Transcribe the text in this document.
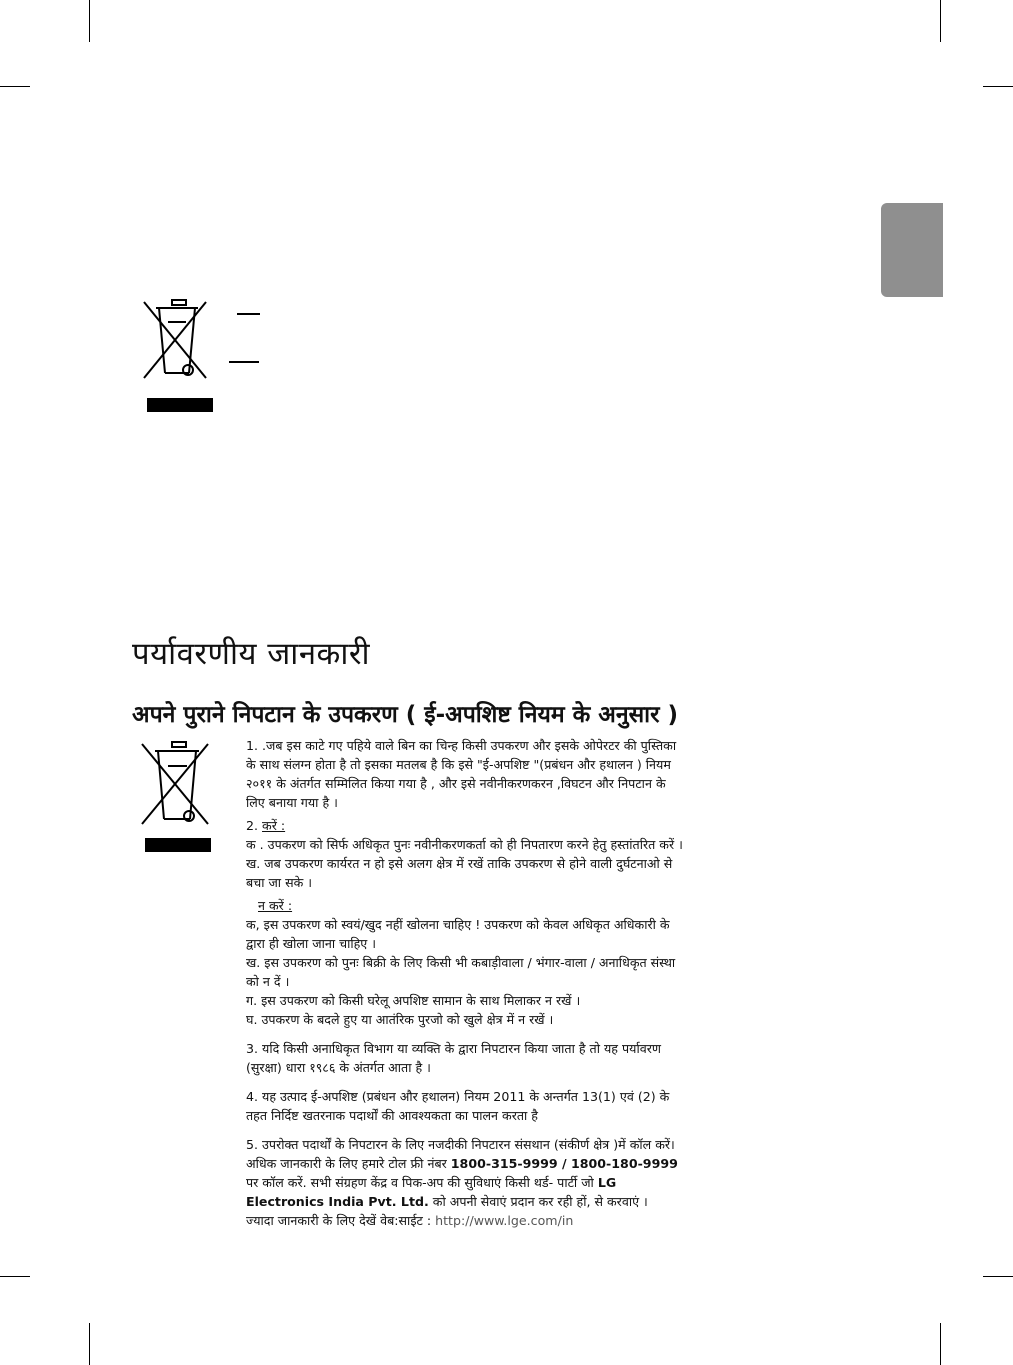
पर्यावरणीय जानकारी
अपने पुराने निपटान के उपकरण ( ई-अपशिष्ट नियम के अनुसार )

1. .जब इस काटे गए पहिये वाले बिन का चिन्ह किसी उपकरण और इसके ओपेरटर की पुस्तिका के साथ संलग्न होता है तो इसका मतलब है कि इसे "ई-अपशिष्ट "(प्रबंधन और हथालन ) नियम २०११ के अंतर्गत सम्मिलित किया गया है , और इसे नवीनीकरणकरन ,विघटन और निपटान के लिए बनाया गया है ।

2. करें :

क . उपकरण को सिर्फ अधिकृत पुनः नवीनीकरणकर्ता को ही निपतारण करने हेतु हस्तांतरित करें ।

ख. जब उपकरण कार्यरत न हो इसे अलग क्षेत्र में रखें ताकि उपकरण से होने वाली दुर्घटनाओ से बचा जा सके ।

न करें :

क, इस उपकरण को स्वयं/खुद नहीं खोलना चाहिए ! उपकरण को केवल अधिकृत अधिकारी के द्वारा ही खोला जाना चाहिए ।

ख. इस उपकरण को पुनः बिक्री के लिए किसी भी कबाड़ीवाला / भंगार-वाला / अनाधिकृत संस्था को न दें ।

ग. इस उपकरण को किसी घरेलू अपशिष्ट सामान के साथ मिलाकर न रखें ।

घ. उपकरण के बदले हुए या आतंरिक पुरजो को खुले क्षेत्र में न रखें ।

3. यदि किसी अनाधिकृत विभाग या व्यक्ति के द्वारा निपटारन किया जाता है तो यह पर्यावरण (सुरक्षा) धारा १९८६ के अंतर्गत आता है ।

4. यह उत्पाद ई-अपशिष्ट (प्रबंधन और हथालन) नियम 2011 के अन्तर्गत 13(1) एवं (2) के तहत निर्दिष्ट खतरनाक पदार्थों की आवश्यकता का पालन करता है

5. उपरोक्त पदार्थों के निपटारन के लिए नजदीकी निपटारन संसथान (संकीर्ण क्षेत्र )में कॉल करें। अधिक जानकारी के लिए हमारे टोल फ्री नंबर 1800-315-9999 / 1800-180-9999 पर कॉल करें. सभी संग्रहण केंद्र व पिक-अप की सुविधाएं किसी थर्ड- पार्टी जो LG Electronics India Pvt. Ltd. को अपनी सेवाएं प्रदान कर रही हों, से करवाएं ।

ज्यादा जानकारी के लिए देखें वेब:साईट : http://www.lge.com/in
